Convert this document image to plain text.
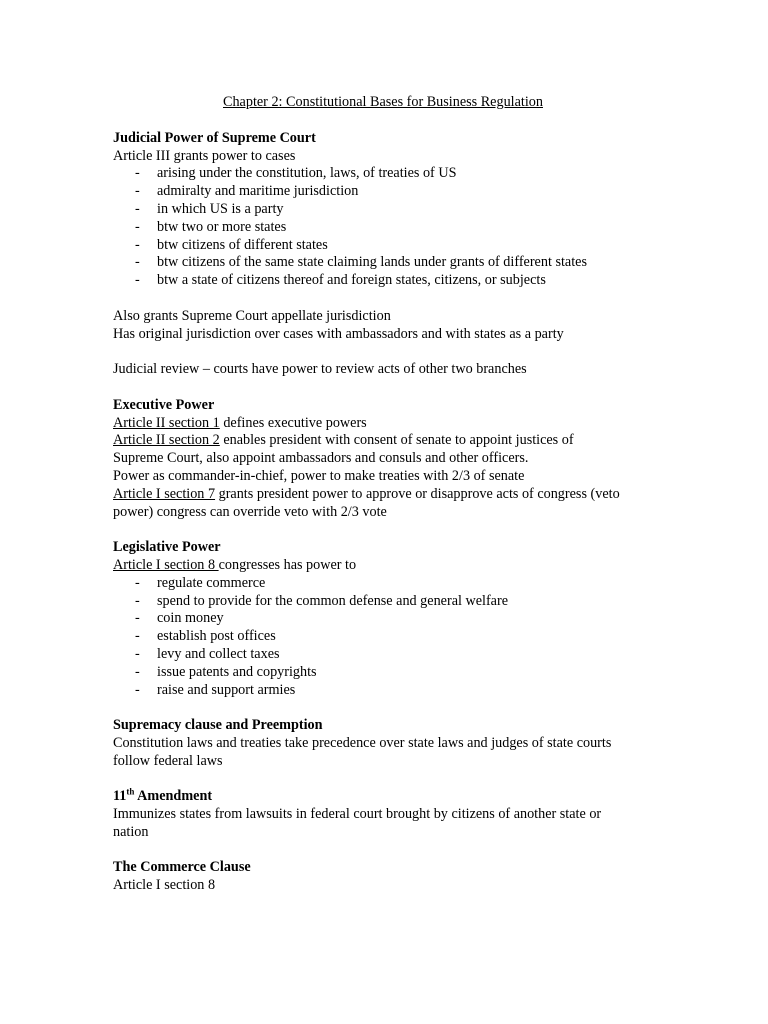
Chapter 2: Constitutional Bases for Business Regulation
Judicial Power of Supreme Court
Article III grants power to cases
- arising under the constitution, laws, of treaties of US
- admiralty and maritime jurisdiction
- in which US is a party
- btw two or more states
- btw citizens of different states
- btw citizens of the same state claiming lands under grants of different states
- btw a state of citizens thereof and foreign states, citizens, or subjects
Also grants Supreme Court appellate jurisdiction
Has original jurisdiction over cases with ambassadors and with states as a party
Judicial review – courts have power to review acts of other two branches
Executive Power
Article II section 1 defines executive powers
Article II section 2 enables president with consent of senate to appoint justices of
Supreme Court, also appoint ambassadors and consuls and other officers.
Power as commander-in-chief, power to make treaties with 2/3 of senate
Article I section 7 grants president power to approve or disapprove acts of congress (veto
power) congress can override veto with 2/3 vote
Legislative Power
Article I section 8 congresses has power to
- regulate commerce
- spend to provide for the common defense and general welfare
- coin money
- establish post offices
- levy and collect taxes
- issue patents and copyrights
- raise and support armies
Supremacy clause and Preemption
Constitution laws and treaties take precedence over state laws and judges of state courts
follow federal laws
11th Amendment
Immunizes states from lawsuits in federal court brought by citizens of another state or
nation
The Commerce Clause
Article I section 8
